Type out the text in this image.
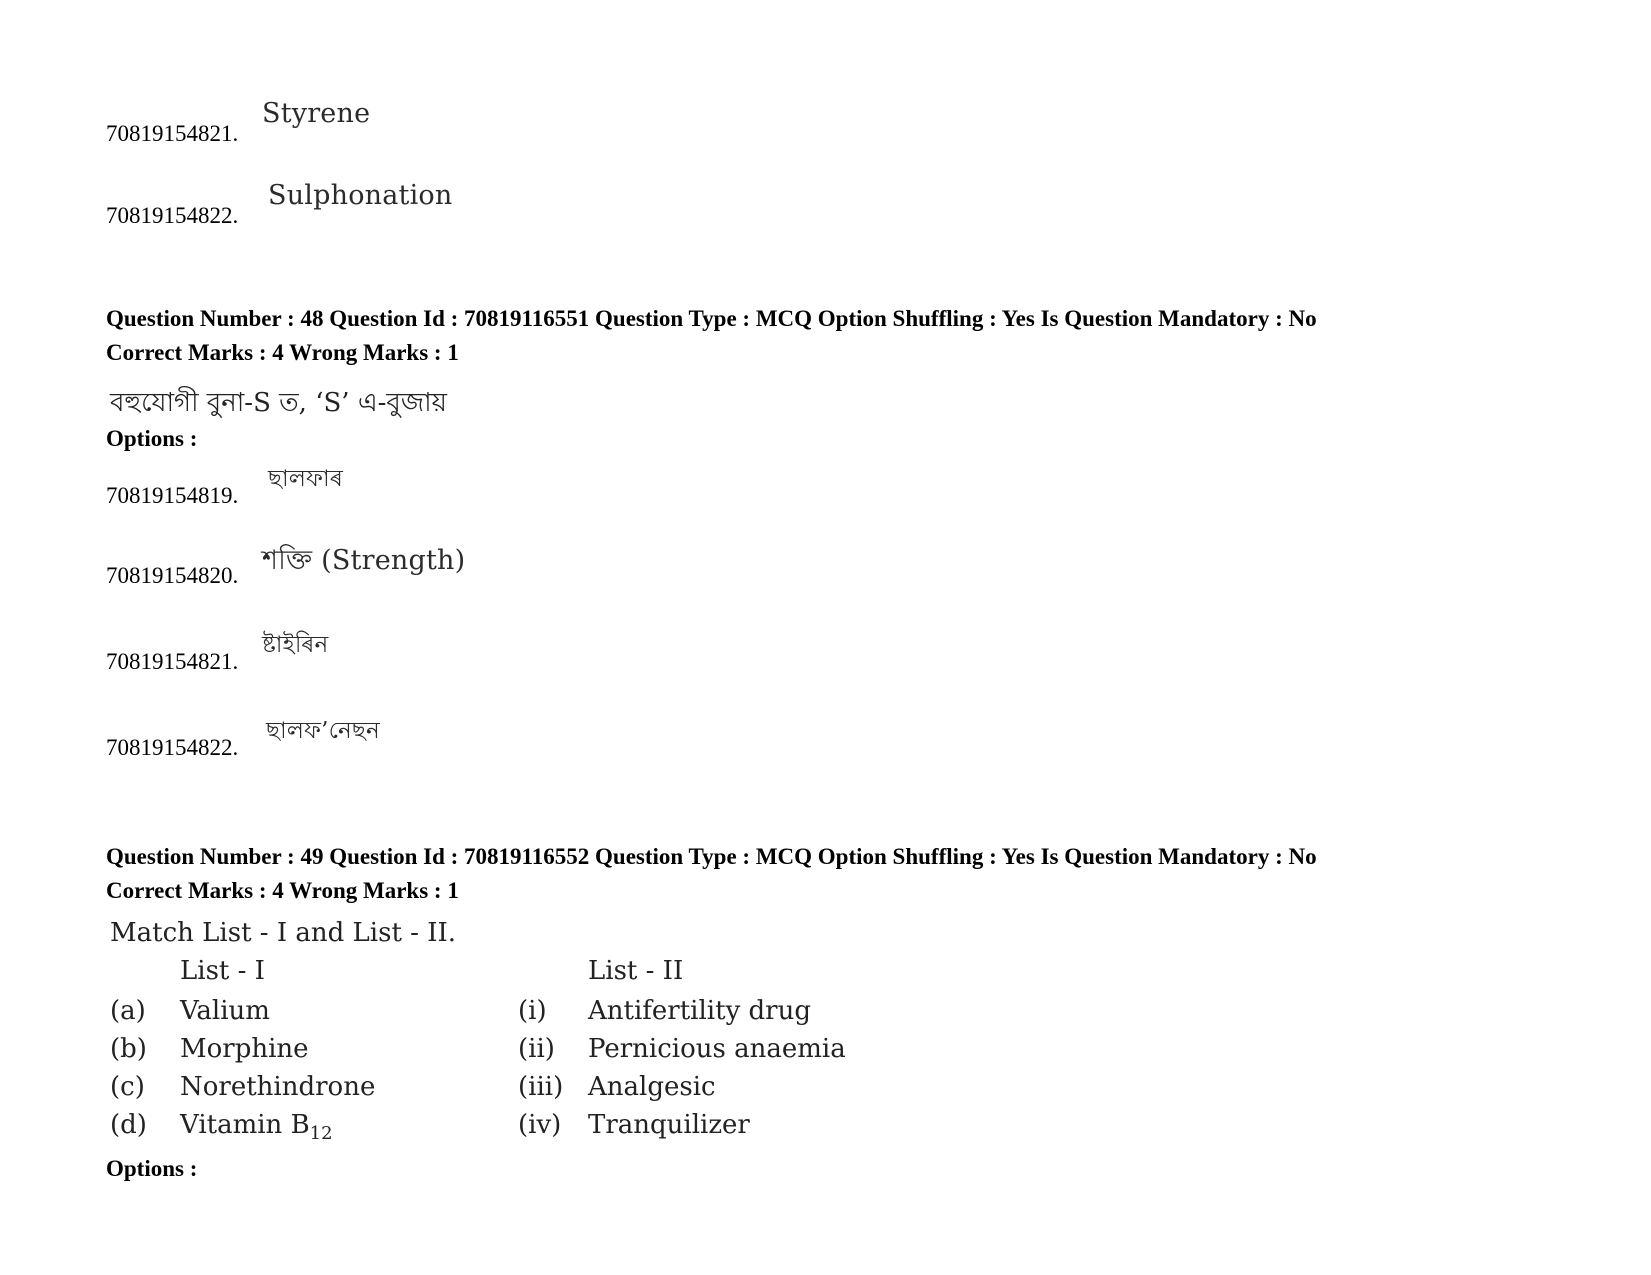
70819154821.
Styrene
70819154822.
Sulphonation
Question Number : 48 Question Id : 70819116551 Question Type : MCQ Option Shuffling : Yes Is Question Mandatory : No
Correct Marks : 4 Wrong Marks : 1
বহুযোগী বুনা-S ত, ‘S’ এ-বুজায়
Options :
70819154819.
ছালফাৰ
70819154820. শক্তি (Strength)
70819154821.
ষ্টাইৰিন
70819154822.
ছালফ’নেছন
Question Number : 49 Question Id : 70819116552 Question Type : MCQ Option Shuffling : Yes Is Question Mandatory : No
Correct Marks : 4 Wrong Marks : 1
Match List - I and List - II.
List - I	List - II
(a) Valium	(i) Antifertility drug
(b) Morphine	(ii) Pernicious anaemia
(c) Norethindrone	(iii) Analgesic
(d) Vitamin $B_{12}$	(iv) Tranquilizer
Options :
